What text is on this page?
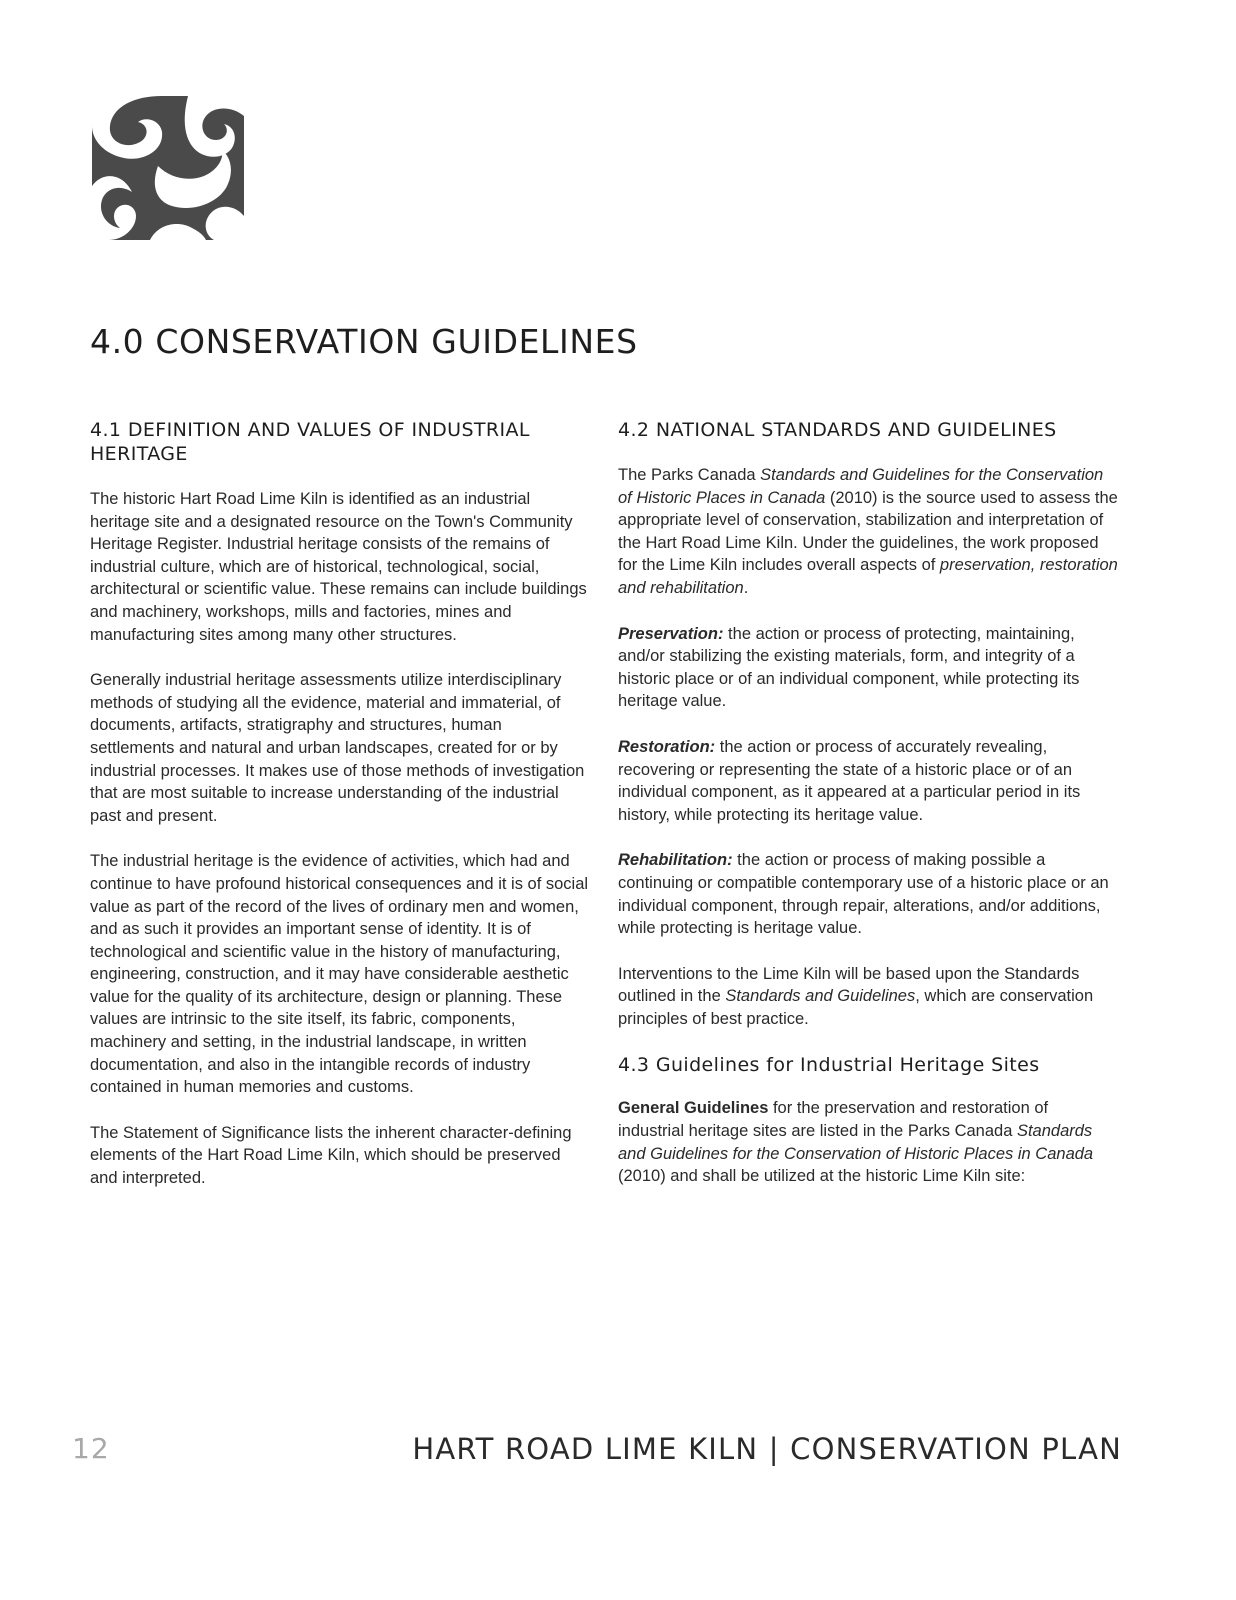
4.0 CONSERVATION GUIDELINES
4.1 DEFINITION AND VALUES OF INDUSTRIAL HERITAGE

The historic Hart Road Lime Kiln is identified as an industrial heritage site and a designated resource on the Town's Community Heritage Register. Industrial heritage consists of the remains of industrial culture, which are of historical, technological, social, architectural or scientific value. These remains can include buildings and machinery, workshops, mills and factories, mines and manufacturing sites among many other structures.

Generally industrial heritage assessments utilize interdisciplinary methods of studying all the evidence, material and immaterial, of documents, artifacts, stratigraphy and structures, human settlements and natural and urban landscapes, created for or by industrial processes. It makes use of those methods of investigation that are most suitable to increase understanding of the industrial past and present.

The industrial heritage is the evidence of activities, which had and continue to have profound historical consequences and it is of social value as part of the record of the lives of ordinary men and women, and as such it provides an important sense of identity. It is of technological and scientific value in the history of manufacturing, engineering, construction, and it may have considerable aesthetic value for the quality of its architecture, design or planning. These values are intrinsic to the site itself, its fabric, components, machinery and setting, in the industrial landscape, in written documentation, and also in the intangible records of industry contained in human memories and customs.

The Statement of Significance lists the inherent character-defining elements of the Hart Road Lime Kiln, which should be preserved and interpreted.

4.2 NATIONAL STANDARDS AND GUIDELINES

The Parks Canada Standards and Guidelines for the Conservation of Historic Places in Canada (2010) is the source used to assess the appropriate level of conservation, stabilization and interpretation of the Hart Road Lime Kiln. Under the guidelines, the work proposed for the Lime Kiln includes overall aspects of preservation, restoration and rehabilitation.

Preservation: the action or process of protecting, maintaining, and/or stabilizing the existing materials, form, and integrity of a historic place or of an individual component, while protecting its heritage value.

Restoration: the action or process of accurately revealing, recovering or representing the state of a historic place or of an individual component, as it appeared at a particular period in its history, while protecting its heritage value.

Rehabilitation: the action or process of making possible a continuing or compatible contemporary use of a historic place or an individual component, through repair, alterations, and/or additions, while protecting is heritage value.

Interventions to the Lime Kiln will be based upon the Standards outlined in the Standards and Guidelines, which are conservation principles of best practice.

4.3 Guidelines for Industrial Heritage Sites

General Guidelines for the preservation and restoration of industrial heritage sites are listed in the Parks Canada Standards and Guidelines for the Conservation of Historic Places in Canada (2010) and shall be utilized at the historic Lime Kiln site:

12	HART ROAD LIME KILN | CONSERVATION PLAN
